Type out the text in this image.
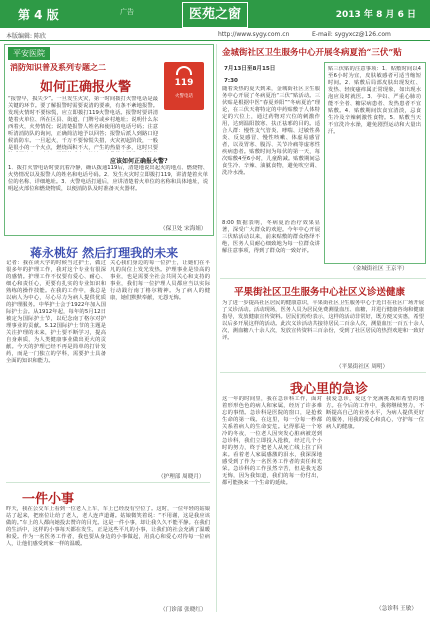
第 4 版	广告	医苑之窗	2013 年 8 月 6 日
本版编辑: 陈欣	http://www.sygy.com.cn	E-mail: sygyxcz@126.com
平安医院
消防知识普及系列专题之二
如何正确报火警
“报警早，损失少”。一旦发生火灾，第一时间拨打火警电话是最关键的环节。要了解报警时需要说清的要素，有条不紊地报警。发现火情时不要惊慌，应立即拨打119火警电话。报警时要讲清楚着火单位、所在区县、街道、门牌号或乡村地址；说明什么东西着火，火势情况；说清楚报警人姓名和使用的电话号码；注意听清消防队的询问，正确简洁地予以回答；报警后派人到路口迎候消防车。一旦起火，千万不要惊慌失措，火灾初起阶段，一般是很小的一个火点，燃烧面积不大，产生的热量不多，这时只要
119
火警电话
应该如何正确报火警?
1．拨打火警电话时要沉着冷静，确认拨通119后，清楚地说出起火的地点、燃烧物、火势情况以及报警人的姓名和电话号码。2．发生火灾时立即拨打119，讲清楚着火单位的名称、详细地址。3．火警电话打通后，应讲清楚着火单位的名称和具体地址，说明起火部位和燃烧物质，以便消防队及时准备灭火器材。
（保卫处 宋海姐）
蒋永桃好 然后打理我的未来
记者：我在读大学的时候当过护士，做过很多年的护理工作，我对这个专业有很深的感情。护理工作不仅要有爱心、耐心、细心和责任心，更要有扎实的专业知识和熟练的操作技能。在我的工作中，我总是以病人为中心，尽心尽力为病人提供优质的护理服务。中华护士会于1922年加入国际护士会。从1912年起，每年的5月12日被定为国际护士节，以纪念南丁格尔对护理事业的贡献。5.12国际护士节的主题是关注护理的未来，护士要不断学习，提高自身素质，为人类健康事业做出更大的贡献。今天的护理已经不再是简单的打针发药，而是一门独立的学科，需要护士具备全面的知识和能力。
关心我们身边的每一位护士，让她们在平凡的岗位上发光发热。护理事业是崇高的事业，也是需要全社会共同关心和支持的事业，我们每一位护理人员都应当以实际行动践行南丁格尔精神。为了病人的健康，她们默默奉献，无怨无悔。
（护理部 周晓月）
一件小事
昨天，我在公交车上看到一位老人上车，车上已经没有空位了。这时，一位年轻的姑娘站了起来，把座位让给了老人，老人连声道谢。姑娘微笑着说：“不用谢，这是我应该做的。”车上的人都向她投去赞许的目光。这是一件小事，却让我久久不能平静。在我们的生活中，这样的小事每天都在发生，正是这些平凡的小事，让我们的社会充满了温暖和爱。作为一名医务工作者，我也要从身边的小事做起，用真心和爱心对待每一位病人，让他们感受到家一样的温暖。
（门诊部 张晓红）
金城街社区卫生服务中心开展冬病夏治“三伏”贴
7月13日至8月15日
7:30
随着炎热的夏天到来，金城街社区卫生服务中心开展了冬病夏治“三伏”贴活动。三伏贴是根据中医“春夏养阳”“冬病夏治”理论，在三伏天将特定的中药贴敷于人体特定的穴位上，通过药物对穴位的刺激作用，达到温阳散寒、扶正祛邪的目的。适合人群：慢性支气管炎、哮喘、过敏性鼻炎、反复感冒、慢性咳嗽、体虚易感冒者，以及胃寒、腹泻、关节冷痛等虚寒性疾病患者。贴敷时间为每伏的第一天，每次贴敷4至6小时，儿童酌减。贴敷期间忌食生冷、辛辣、油腻食物，避免吹空调、洗冷水澡。
8:00 数据表明，冬病夏治治疗效果显著，深受广大群众的欢迎。今年中心开展三伏贴活动以来，前来贴敷的群众络绎不绝，医务人员耐心细致地为每一位群众讲解注意事项，得到了群众的一致好评。
贴三伏贴的注意事项：1．贴敷时间以4至6小时为宜，皮肤敏感者可适当缩短时间。2．贴敷后局部皮肤出现发红、发热、轻度瘙痒属正常现象，如出现水泡应及时就医。3．孕妇、严重心肺功能不全者、糖尿病患者、发热患者不宜贴敷。4．贴敷期间饮食宜清淡，忌食生冷及辛辣刺激性食物。5．贴敷当天不宜洗冷水澡，避免剧烈运动和大量出汗。
（金城街社区 王京平）
平果街社区卫生服务中心社区义诊送健康
为了进一步提高社区居民的健康意识，平果街社区卫生服务中心于近日在社区广场开展了义诊活动。活动现场，医务人员为居民免费测量血压、血糖，并进行健康咨询和健康指导，发放健康宣传资料。居民们纷纷表示，这样的活动非常好，既方便又实惠，希望以后多开展这样的活动。此次义诊活动共接待居民二百余人次，测量血压一百五十余人次，测血糖八十余人次，发放宣传资料三百余份，受到了社区居民的热烈欢迎和一致好评。
（平果街社区 周明）
我心里的急诊
这一年的时间里，我在急诊科工作，面对着形形色色的病人和家属，经历了许多难忘的事情。急诊科是医院的窗口，是抢救生命的第一线。在这里，每一分每一秒都关系着病人的生命安危。记得那是一个寒冷的冬夜，一位老人因突发心脏病被送到急诊科，我们立即投入抢救，经过几个小时的努力，终于把老人从死亡线上拉了回来。看着老人家属感激的泪水，我深深地感受到了作为一名医务工作者的责任和光荣。急诊科的工作虽然辛苦，但是我无怨无悔，因为我知道，我们的每一份付出，都可能换来一个生命的延续。
我爱急诊，爱这个充满挑战和希望的地方。在今后的工作中，我将继续努力，不断提高自己的业务水平，为病人提供更好的服务，用我的爱心和真心，守护每一位病人的健康。
（急诊科 王敏）
